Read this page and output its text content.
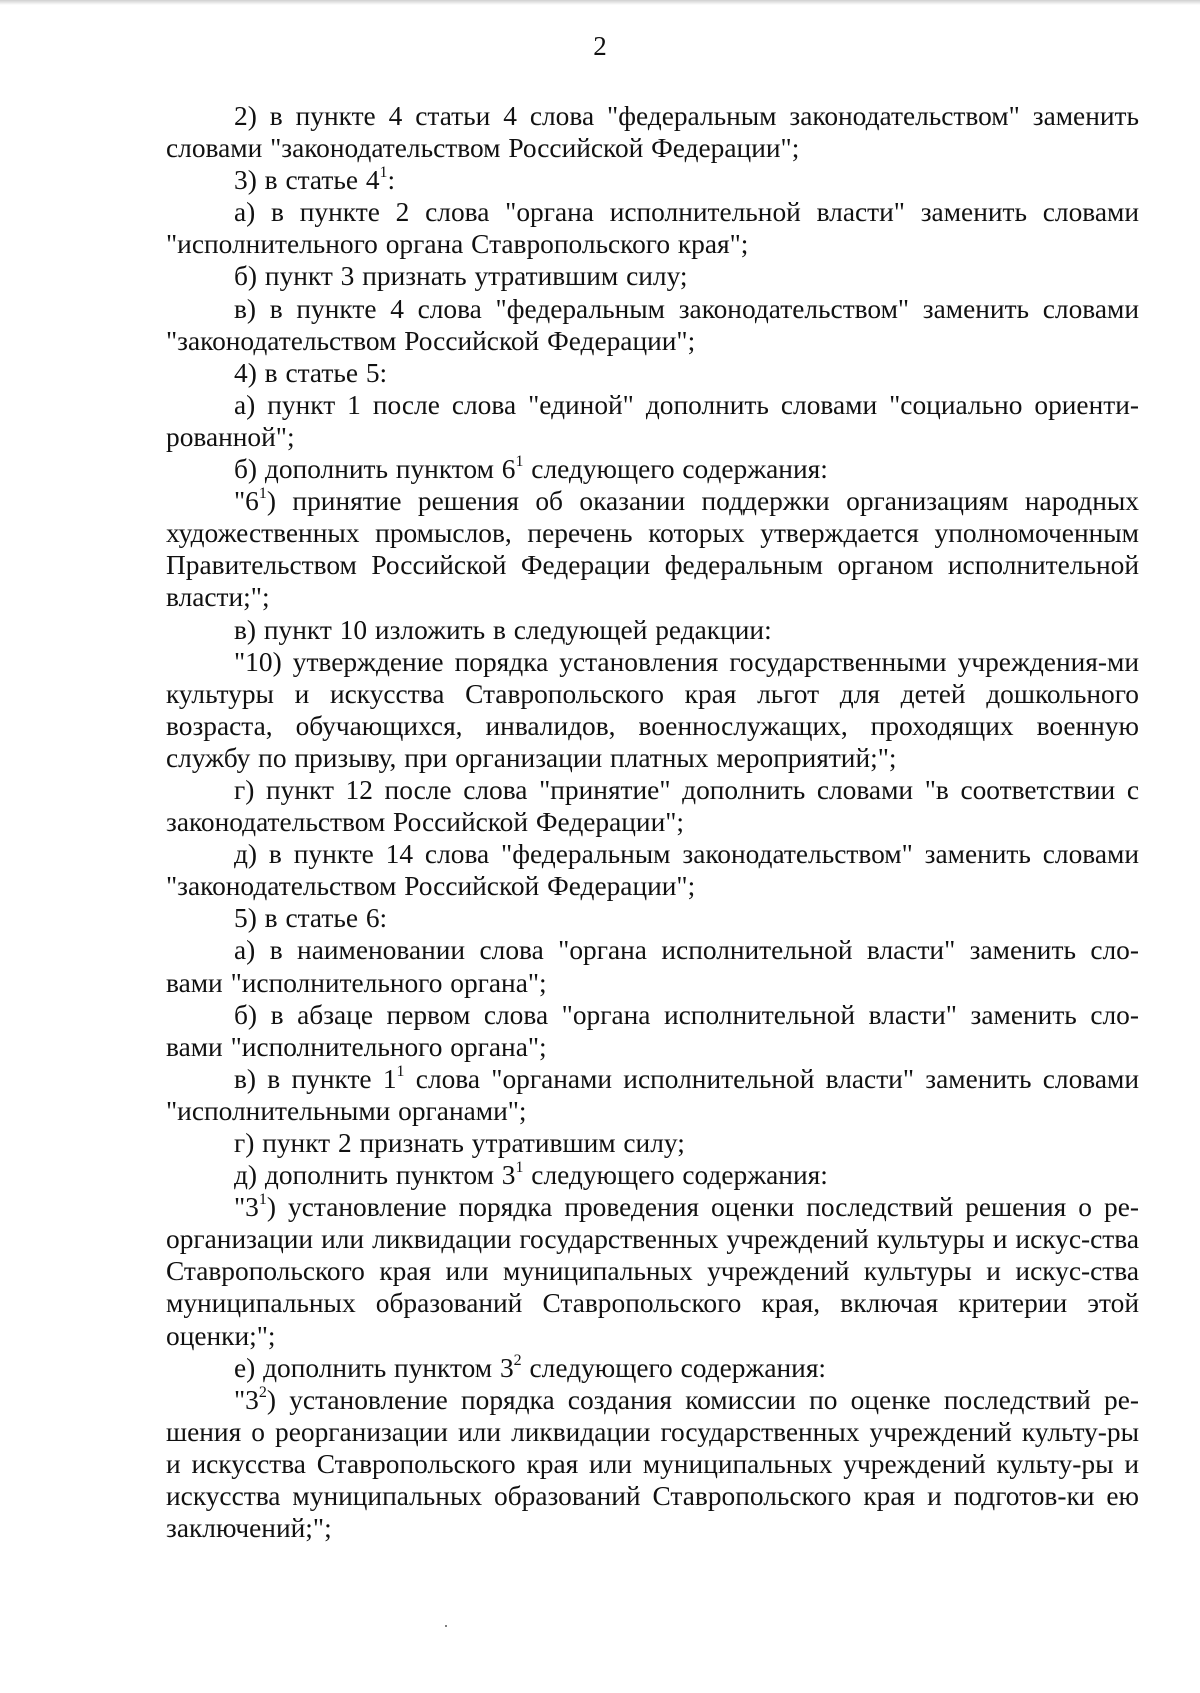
2

2) в пункте 4 статьи 4 слова "федеральным законодательством" заменить словами "законодательством Российской Федерации";

3) в статье $4^1$:

а) в пункте 2 слова "органа исполнительной власти" заменить словами "исполнительного органа Ставропольского края";

б) пункт 3 признать утратившим силу;

в) в пункте 4 слова "федеральным законодательством" заменить словами "законодательством Российской Федерации";

4) в статье 5:

а) пункт 1 после слова "единой" дополнить словами "социально ориенти-рованной";

б) дополнить пунктом $6^1$ следующего содержания:

"$6^1$) принятие решения об оказании поддержки организациям народных художественных промыслов, перечень которых утверждается уполномоченным Правительством Российской Федерации федеральным органом исполнительной власти;";

в) пункт 10 изложить в следующей редакции:

"10) утверждение порядка установления государственными учреждения-ми культуры и искусства Ставропольского края льгот для детей дошкольного возраста, обучающихся, инвалидов, военнослужащих, проходящих военную службу по призыву, при организации платных мероприятий;";

г) пункт 12 после слова "принятие" дополнить словами "в соответствии с законодательством Российской Федерации";

д) в пункте 14 слова "федеральным законодательством" заменить словами "законодательством Российской Федерации";

5) в статье 6:

а) в наименовании слова "органа исполнительной власти" заменить сло-вами "исполнительного органа";

б) в абзаце первом слова "органа исполнительной власти" заменить сло-вами "исполнительного органа";

в) в пункте $1^1$ слова "органами исполнительной власти" заменить словами "исполнительными органами";

г) пункт 2 признать утратившим силу;

д) дополнить пунктом $3^1$ следующего содержания:

"$3^1$) установление порядка проведения оценки последствий решения о ре-организации или ликвидации государственных учреждений культуры и искус-ства Ставропольского края или муниципальных учреждений культуры и искус-ства муниципальных образований Ставропольского края, включая критерии этой оценки;";

е) дополнить пунктом $3^2$ следующего содержания:

"$3^2$) установление порядка создания комиссии по оценке последствий ре-шения о реорганизации или ликвидации государственных учреждений культу-ры и искусства Ставропольского края или муниципальных учреждений культу-ры и искусства муниципальных образований Ставропольского края и подготов-ки ею заключений;";
